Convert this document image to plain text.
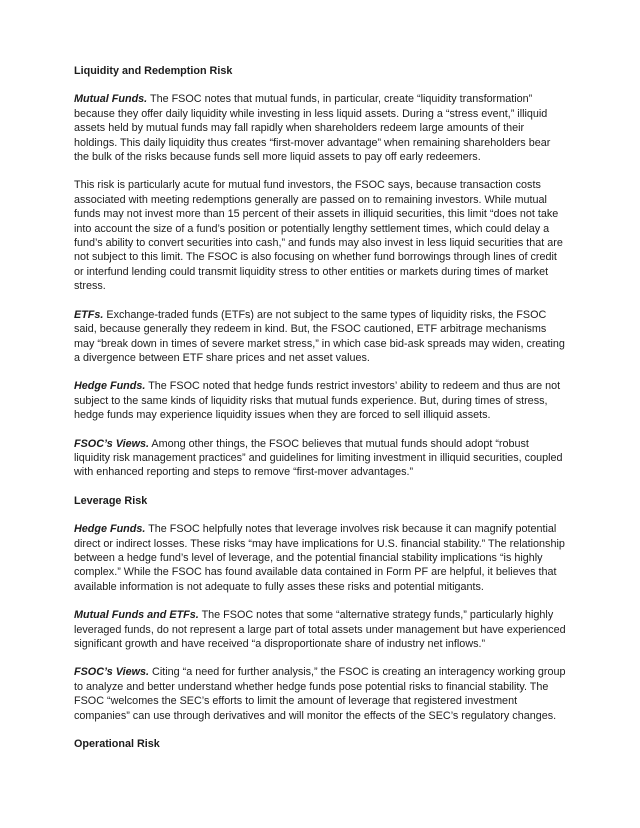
Liquidity and Redemption Risk

Mutual Funds. The FSOC notes that mutual funds, in particular, create “liquidity transformation” because they offer daily liquidity while investing in less liquid assets. During a “stress event,” illiquid assets held by mutual funds may fall rapidly when shareholders redeem large amounts of their holdings. This daily liquidity thus creates “first-mover advantage” when remaining shareholders bear the bulk of the risks because funds sell more liquid assets to pay off early redeemers.

This risk is particularly acute for mutual fund investors, the FSOC says, because transaction costs associated with meeting redemptions generally are passed on to remaining investors. While mutual funds may not invest more than 15 percent of their assets in illiquid securities, this limit “does not take into account the size of a fund’s position or potentially lengthy settlement times, which could delay a fund’s ability to convert securities into cash,” and funds may also invest in less liquid securities that are not subject to this limit. The FSOC is also focusing on whether fund borrowings through lines of credit or interfund lending could transmit liquidity stress to other entities or markets during times of market stress.

ETFs. Exchange-traded funds (ETFs) are not subject to the same types of liquidity risks, the FSOC said, because generally they redeem in kind. But, the FSOC cautioned, ETF arbitrage mechanisms may “break down in times of severe market stress,” in which case bid-ask spreads may widen, creating a divergence between ETF share prices and net asset values.

Hedge Funds. The FSOC noted that hedge funds restrict investors’ ability to redeem and thus are not subject to the same kinds of liquidity risks that mutual funds experience. But, during times of stress, hedge funds may experience liquidity issues when they are forced to sell illiquid assets.

FSOC’s Views. Among other things, the FSOC believes that mutual funds should adopt “robust liquidity risk management practices” and guidelines for limiting investment in illiquid securities, coupled with enhanced reporting and steps to remove “first-mover advantages.”

Leverage Risk

Hedge Funds. The FSOC helpfully notes that leverage involves risk because it can magnify potential direct or indirect losses. These risks “may have implications for U.S. financial stability.” The relationship between a hedge fund’s level of leverage, and the potential financial stability implications “is highly complex.” While the FSOC has found available data contained in Form PF are helpful, it believes that available information is not adequate to fully asses these risks and potential mitigants.

Mutual Funds and ETFs. The FSOC notes that some “alternative strategy funds,” particularly highly leveraged funds, do not represent a large part of total assets under management but have experienced significant growth and have received “a disproportionate share of industry net inflows.”

FSOC’s Views. Citing “a need for further analysis,” the FSOC is creating an interagency working group to analyze and better understand whether hedge funds pose potential risks to financial stability. The FSOC “welcomes the SEC’s efforts to limit the amount of leverage that registered investment companies” can use through derivatives and will monitor the effects of the SEC’s regulatory changes.

Operational Risk
